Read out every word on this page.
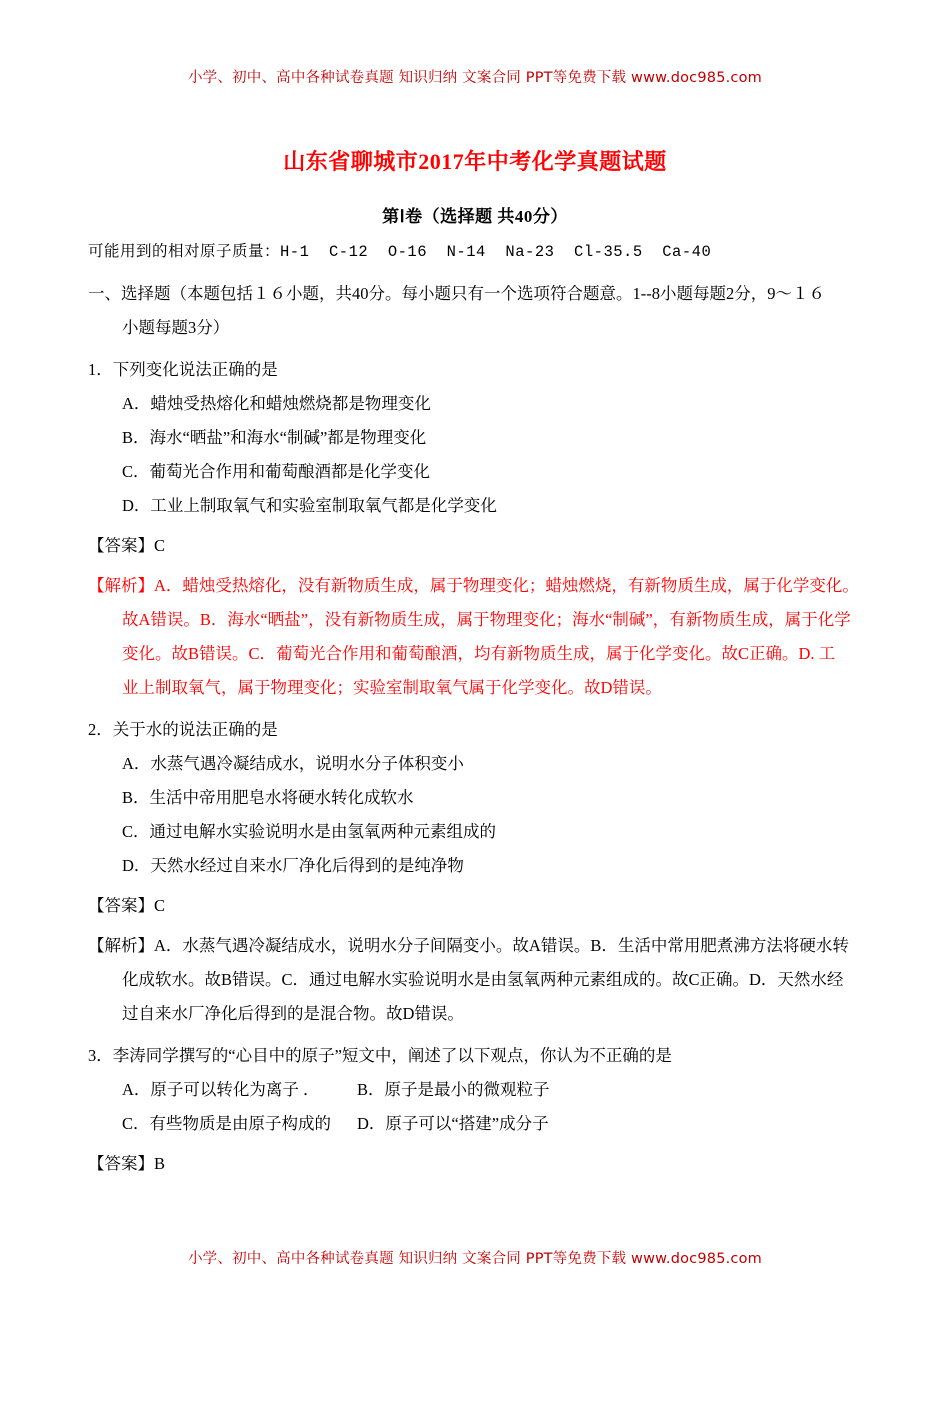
小学、初中、高中各种试卷真题 知识归纳 文案合同 PPT等免费下载 www.doc985.com
山东省聊城市2017年中考化学真题试题
第Ⅰ卷（选择题 共40分）
可能用到的相对原子质量：H-1  C-12  O-16  N-14  Na-23  Cl-35.5  Ca-40
一、选择题（本题包括１６小题，共40分。每小题只有一个选项符合题意。1--8小题每题2分，9～１６
小题每题3分）
1．下列变化说法正确的是
A．蜡烛受热熔化和蜡烛燃烧都是物理变化
B．海水“晒盐”和海水“制碱”都是物理变化
C．葡萄光合作用和葡萄酿酒都是化学变化
D．工业上制取氧气和实验室制取氧气都是化学变化
【答案】C
【解析】A．蜡烛受热熔化，没有新物质生成，属于物理变化；蜡烛燃烧，有新物质生成，属于化学变化。
故A错误。B．海水“晒盐”，没有新物质生成，属于物理变化；海水“制碱”，有新物质生成，属于化学
变化。故B错误。C．葡萄光合作用和葡萄酿酒，均有新物质生成，属于化学变化。故C正确。D. 工
业上制取氧气，属于物理变化；实验室制取氧气属于化学变化。故D错误。
2．关于水的说法正确的是
A．水蒸气遇冷凝结成水，说明水分子体积变小
B．生活中帝用肥皂水将硬水转化成软水
C．通过电解水实验说明水是由氢氧两种元素组成的
D．天然水经过自来水厂净化后得到的是纯净物
【答案】C
【解析】A．水蒸气遇冷凝结成水，说明水分子间隔变小。故A错误。B．生活中常用肥煮沸方法将硬水转
化成软水。故B错误。C．通过电解水实验说明水是由氢氧两种元素组成的。故C正确。D．天然水经
过自来水厂净化后得到的是混合物。故D错误。
3．李涛同学撰写的“心目中的原子”短文中，阐述了以下观点，你认为不正确的是
A．原子可以转化为离子 ．	B．原子是最小的微观粒子
C．有些物质是由原子构成的	D．原子可以“搭建”成分子
【答案】B
小学、初中、高中各种试卷真题 知识归纳 文案合同 PPT等免费下载 www.doc985.com
